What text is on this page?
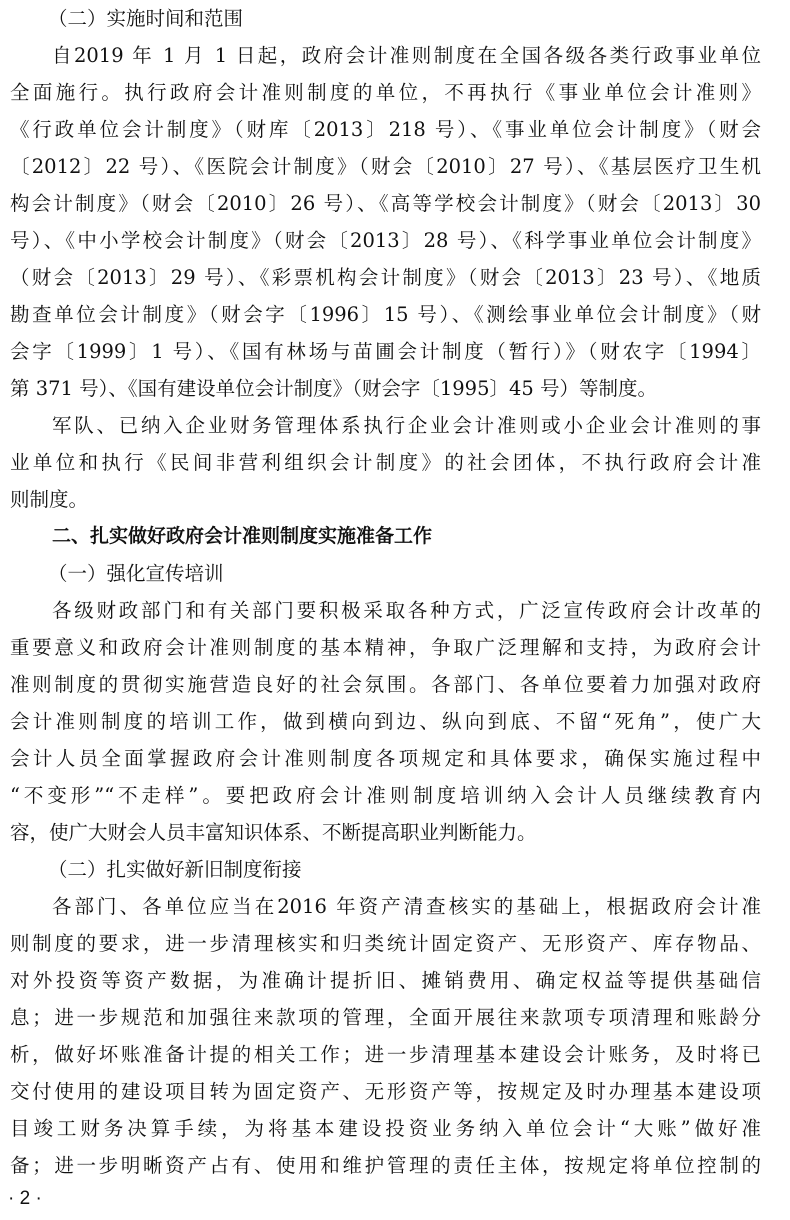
（二）实施时间和范围

自2019 年 1 月 1 日起，政府会计准则制度在全国各级各类行政事业单位

全面施行。执行政府会计准则制度的单位，不再执行《事业单位会计准则》

《行政单位会计制度》（财库〔2013〕218 号）、《事业单位会计制度》（财会

〔2012〕22 号）、《医院会计制度》（财会〔2010〕27 号）、《基层医疗卫生机

构会计制度》（财会〔2010〕26 号）、《高等学校会计制度》（财会〔2013〕30

号）、《中小学校会计制度》（财会〔2013〕28 号）、《科学事业单位会计制度》

（财会〔2013〕29 号）、《彩票机构会计制度》（财会〔2013〕23 号）、《地质

勘查单位会计制度》（财会字〔1996〕15 号）、《测绘事业单位会计制度》（财

会字〔1999〕1 号）、《国有林场与苗圃会计制度（暂行）》（财农字〔1994〕

第 371 号）、《国有建设单位会计制度》（财会字〔1995〕45 号）等制度。

军队、已纳入企业财务管理体系执行企业会计准则或小企业会计准则的事

业单位和执行《民间非营利组织会计制度》的社会团体，不执行政府会计准

则制度。

二、扎实做好政府会计准则制度实施准备工作

（一）强化宣传培训

各级财政部门和有关部门要积极采取各种方式，广泛宣传政府会计改革的

重要意义和政府会计准则制度的基本精神，争取广泛理解和支持，为政府会计

准则制度的贯彻实施营造良好的社会氛围。各部门、各单位要着力加强对政府

会计准则制度的培训工作，做到横向到边、纵向到底、不留“死角”，使广大

会计人员全面掌握政府会计准则制度各项规定和具体要求，确保实施过程中

“不变形”“不走样”。要把政府会计准则制度培训纳入会计人员继续教育内

容，使广大财会人员丰富知识体系、不断提高职业判断能力。

（二）扎实做好新旧制度衔接

各部门、各单位应当在2016 年资产清查核实的基础上，根据政府会计准

则制度的要求，进一步清理核实和归类统计固定资产、无形资产、库存物品、

对外投资等资产数据，为准确计提折旧、摊销费用、确定权益等提供基础信

息；进一步规范和加强往来款项的管理，全面开展往来款项专项清理和账龄分

析，做好坏账准备计提的相关工作；进一步清理基本建设会计账务，及时将已

交付使用的建设项目转为固定资产、无形资产等，按规定及时办理基本建设项

目竣工财务决算手续，为将基本建设投资业务纳入单位会计“大账”做好准

备；进一步明晰资产占有、使用和维护管理的责任主体，按规定将单位控制的

· 2 ·
